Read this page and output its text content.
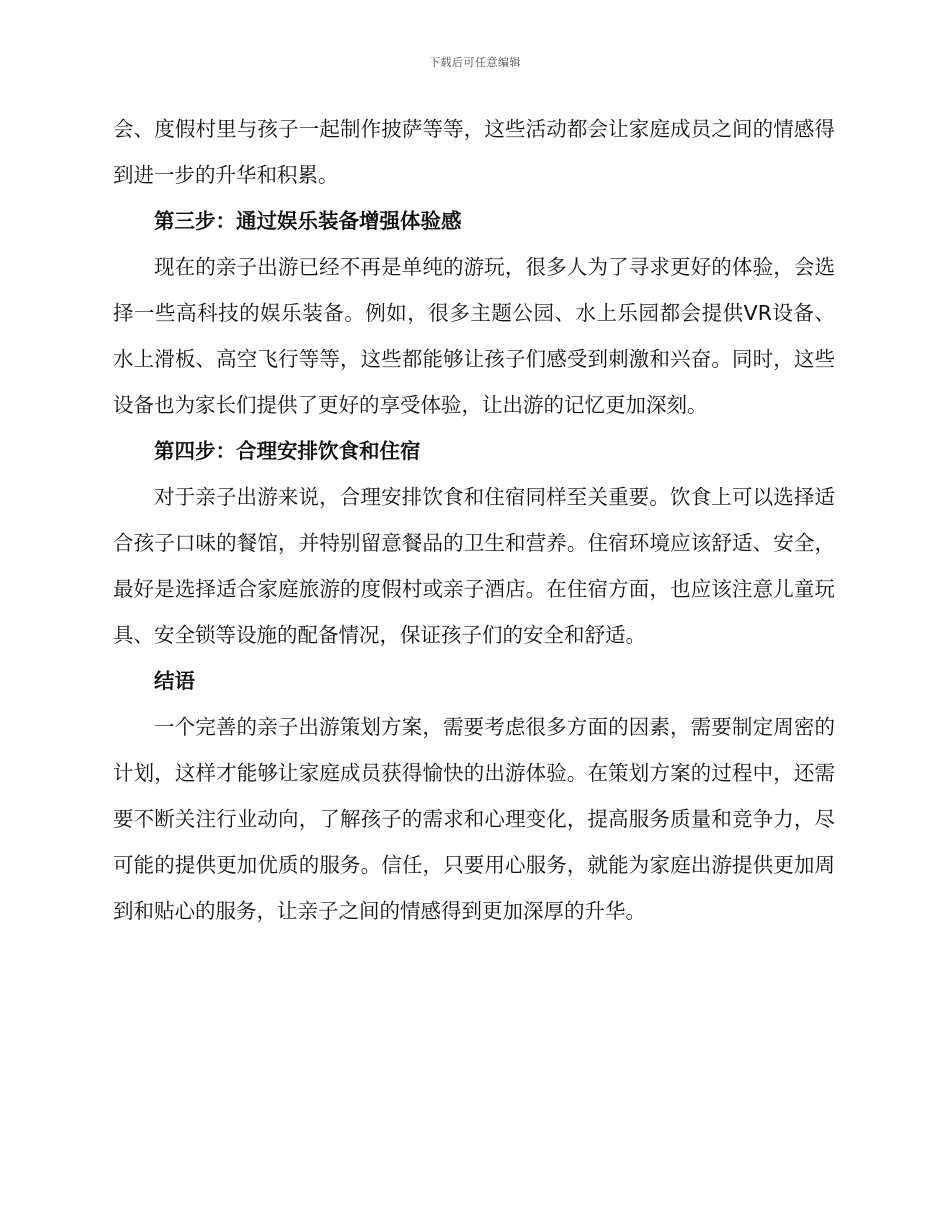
下载后可任意编辑

会、度假村里与孩子一起制作披萨等等，这些活动都会让家庭成员之间的情感得到进一步的升华和积累。

第三步：通过娱乐装备增强体验感

现在的亲子出游已经不再是单纯的游玩，很多人为了寻求更好的体验，会选择一些高科技的娱乐装备。例如，很多主题公园、水上乐园都会提供VR设备、水上滑板、高空飞行等等，这些都能够让孩子们感受到刺激和兴奋。同时，这些设备也为家长们提供了更好的享受体验，让出游的记忆更加深刻。

第四步：合理安排饮食和住宿

对于亲子出游来说，合理安排饮食和住宿同样至关重要。饮食上可以选择适合孩子口味的餐馆，并特别留意餐品的卫生和营养。住宿环境应该舒适、安全，最好是选择适合家庭旅游的度假村或亲子酒店。在住宿方面，也应该注意儿童玩具、安全锁等设施的配备情况，保证孩子们的安全和舒适。

结语

一个完善的亲子出游策划方案，需要考虑很多方面的因素，需要制定周密的计划，这样才能够让家庭成员获得愉快的出游体验。在策划方案的过程中，还需要不断关注行业动向，了解孩子的需求和心理变化，提高服务质量和竞争力，尽可能的提供更加优质的服务。信任，只要用心服务，就能为家庭出游提供更加周到和贴心的服务，让亲子之间的情感得到更加深厚的升华。
